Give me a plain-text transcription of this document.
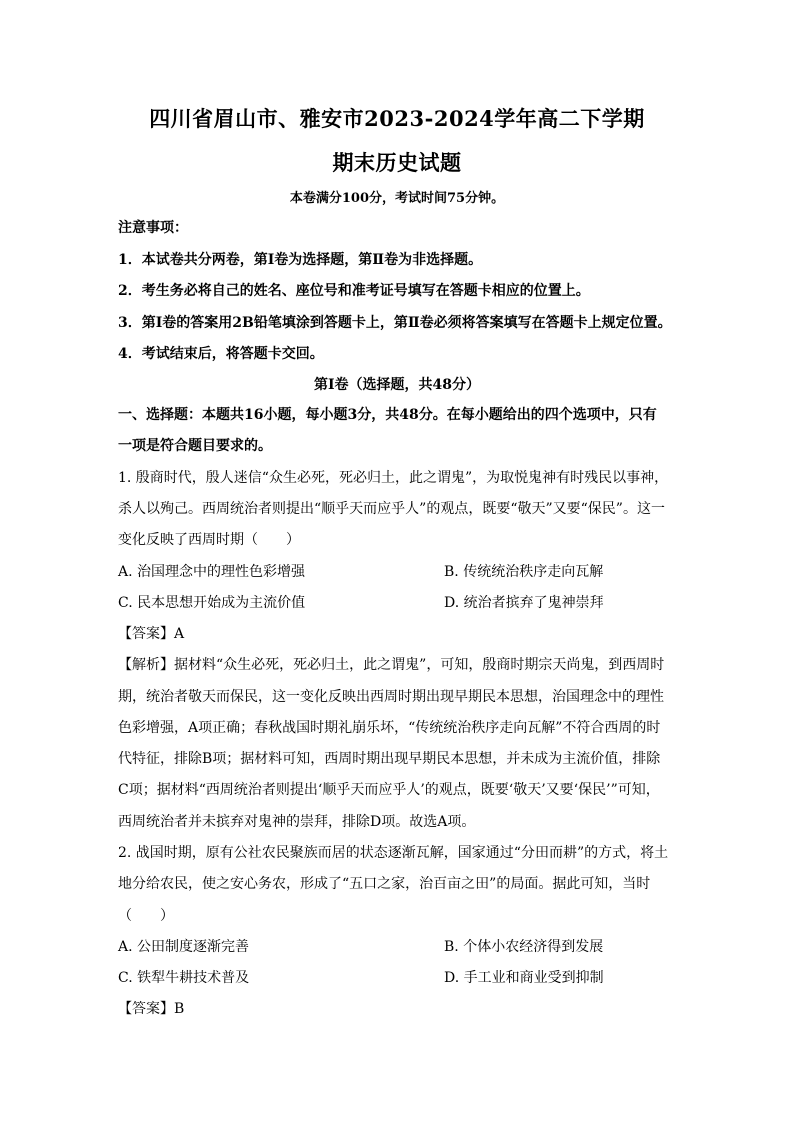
四川省眉山市、雅安市2023-2024学年高二下学期
期末历史试题
本卷满分100分，考试时间75分钟。
注意事项：
1．本试卷共分两卷，第Ⅰ卷为选择题，第Ⅱ卷为非选择题。
2．考生务必将自己的姓名、座位号和准考证号填写在答题卡相应的位置上。
3．第Ⅰ卷的答案用2B铅笔填涂到答题卡上，第Ⅱ卷必须将答案填写在答题卡上规定位置。
4．考试结束后，将答题卡交回。
第Ⅰ卷（选择题，共48分）
一、选择题：本题共16小题，每小题3分，共48分。在每小题给出的四个选项中，只有
一项是符合题目要求的。
1. 殷商时代，殷人迷信“众生必死，死必归土，此之谓鬼”，为取悦鬼神有时残民以事神，
杀人以殉己。西周统治者则提出“顺乎天而应乎人”的观点，既要“敬天”又要“保民”。这一
变化反映了西周时期（　　）
A. 治国理念中的理性色彩增强	B. 传统统治秩序走向瓦解
C. 民本思想开始成为主流价值	D. 统治者摈弃了鬼神崇拜
【答案】A
【解析】据材料“众生必死，死必归土，此之谓鬼”，可知，殷商时期宗天尚鬼，到西周时
期，统治者敬天而保民，这一变化反映出西周时期出现早期民本思想，治国理念中的理性
色彩增强，A项正确；春秋战国时期礼崩乐坏，“传统统治秩序走向瓦解”不符合西周的时
代特征，排除B项；据材料可知，西周时期出现早期民本思想，并未成为主流价值，排除
C项；据材料“西周统治者则提出‘顺乎天而应乎人’的观点，既要‘敬天’又要‘保民’”可知，
西周统治者并未摈弃对鬼神的崇拜，排除D项。故选A项。
2. 战国时期，原有公社农民聚族而居的状态逐渐瓦解，国家通过“分田而耕”的方式，将土
地分给农民，使之安心务农，形成了“五口之家，治百亩之田”的局面。据此可知，当时
（　　）
A. 公田制度逐渐完善	B. 个体小农经济得到发展
C. 铁犁牛耕技术普及	D. 手工业和商业受到抑制
【答案】B
